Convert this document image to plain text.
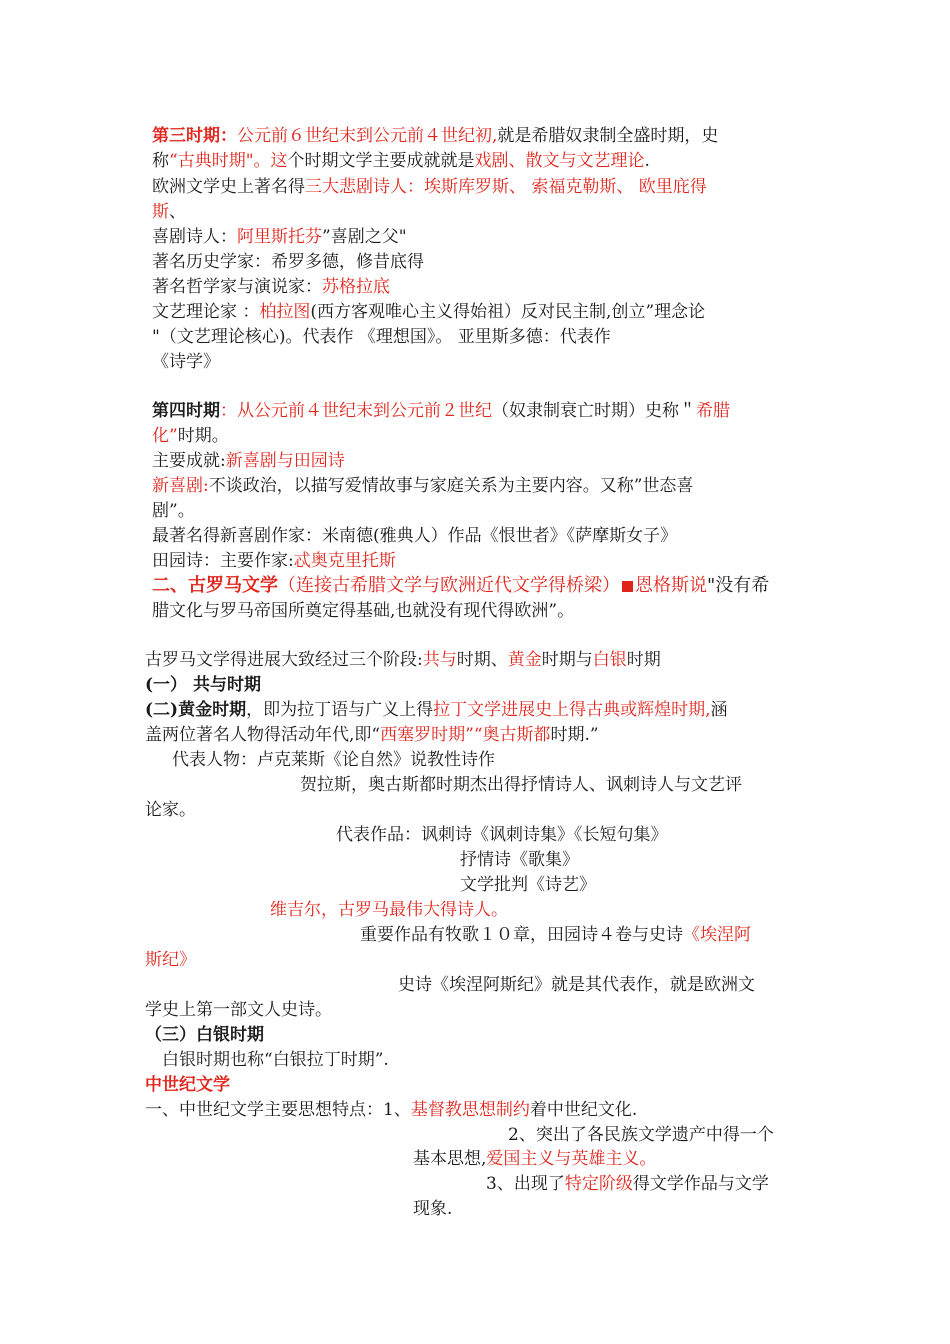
第三时期：公元前６世纪末到公元前４世纪初,就是希腊奴隶制全盛时期，史
称“古典时期"。这个时期文学主要成就就是戏剧、散文与文艺理论.
欧洲文学史上著名得三大悲剧诗人：埃斯库罗斯、 索福克勒斯、 欧里庇得
斯、
喜剧诗人：阿里斯托芬”喜剧之父"
著名历史学家：希罗多德，修昔底得
著名哲学家与演说家：苏格拉底
文艺理论家 ：柏拉图(西方客观唯心主义得始祖）反对民主制,创立”理念论
"（文艺理论核心)。代表作 《理想国》。 亚里斯多德：代表作
《诗学》
第四时期：从公元前４世纪末到公元前２世纪（奴隶制衰亡时期）史称＂希腊
化”时期。
主要成就:新喜剧与田园诗
新喜剧:不谈政治，以描写爱情故事与家庭关系为主要内容。又称”世态喜
剧”。
最著名得新喜剧作家：米南德(雅典人）作品《恨世者》《萨摩斯女子》
田园诗：主要作家:忒奥克里托斯
二、古罗马文学（连接古希腊文学与欧洲近代文学得桥梁） 恩格斯说"没有希
腊文化与罗马帝国所奠定得基础,也就没有现代得欧洲”。
古罗马文学得进展大致经过三个阶段:共与时期、黄金时期与白银时期
(一） 共与时期
(二)黄金时期，即为拉丁语与广义上得拉丁文学进展史上得古典或辉煌时期,涵
盖两位著名人物得活动年代,即“西塞罗时期”“奥古斯都时期.”
代表人物：卢克莱斯《论自然》说教性诗作
贺拉斯，奥古斯都时期杰出得抒情诗人、讽刺诗人与文艺评
论家。
代表作品：讽刺诗《讽刺诗集》《长短句集》
抒情诗《歌集》
文学批判《诗艺》
维吉尔，古罗马最伟大得诗人。
重要作品有牧歌１０章，田园诗４卷与史诗《埃涅阿
斯纪》
史诗《埃涅阿斯纪》就是其代表作，就是欧洲文
学史上第一部文人史诗。
（三）白银时期
白银时期也称“白银拉丁时期”.
中世纪文学
一、中世纪文学主要思想特点：1、基督教思想制约着中世纪文化.
2、突出了各民族文学遗产中得一个
基本思想,爱国主义与英雄主义。
3、出现了特定阶级得文学作品与文学
现象.
